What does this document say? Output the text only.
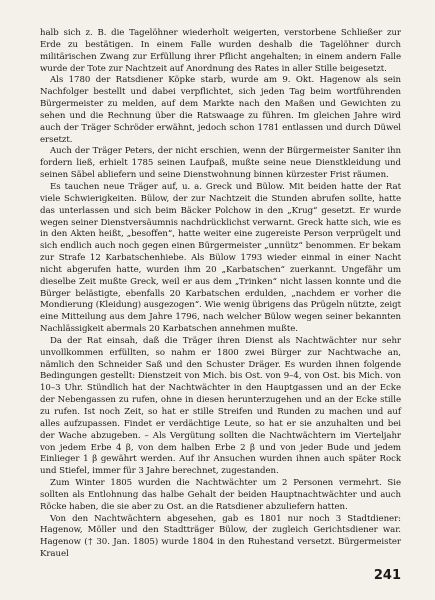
halb sich z. B. die Tagelöhner wiederholt weigerten, verstorbene Schließer zur Erde zu bestätigen. In einem Falle wurden deshalb die Tagelöhner durch militärischen Zwang zur Erfüllung ihrer Pflicht angehalten; in einem andern Falle wurde der Tote zur Nachtzeit auf Anordnung des Rates in aller Stille beigesetzt.

Als 1780 der Ratsdiener Köpke starb, wurde am 9. Okt. Hagenow als sein Nachfolger bestellt und dabei verpflichtet, sich jeden Tag beim wortführenden Bürgermeister zu melden, auf dem Markte nach den Maßen und Gewichten zu sehen und die Rechnung über die Ratswaage zu führen. Im gleichen Jahre wird auch der Träger Schröder erwähnt, jedoch schon 1781 entlassen und durch Düwel ersetzt.

Auch der Träger Peters, der nicht erschien, wenn der Bürgermeister Saniter ihn fordern ließ, erhielt 1785 seinen Laufpaß, mußte seine neue Dienstkleidung und seinen Säbel abliefern und seine Dienstwohnung binnen kürzester Frist räumen.

Es tauchen neue Träger auf, u. a. Greck und Bülow. Mit beiden hatte der Rat viele Schwierigkeiten. Bülow, der zur Nachtzeit die Stunden abrufen sollte, hatte das unterlassen und sich beim Bäcker Polchow in den „Krug“ gesetzt. Er wurde wegen seiner Dienstversäumnis nachdrücklichst verwarnt. Greck hatte sich, wie es in den Akten heißt, „besoffen“, hatte weiter eine zugereiste Person verprügelt und sich endlich auch noch gegen einen Bürgermeister „unnütz“ benommen. Er bekam zur Strafe 12 Karbatschenhiebe. Als Bülow 1793 wieder einmal in einer Nacht nicht abgerufen hatte, wurden ihm 20 „Karbatschen“ zuerkannt. Ungefähr um dieselbe Zeit mußte Greck, weil er aus dem „Trinken“ nicht lassen konnte und die Bürger belästigte, ebenfalls 20 Karbatschen erdulden, „nachdem er vorher die Mondierung (Kleidung) ausgezogen“. Wie wenig übrigens das Prügeln nützte, zeigt eine Mitteilung aus dem Jahre 1796, nach welcher Bülow wegen seiner bekannten Nachlässigkeit abermals 20 Karbatschen annehmen mußte.

Da der Rat einsah, daß die Träger ihren Dienst als Nachtwächter nur sehr unvollkommen erfüllten, so nahm er 1800 zwei Bürger zur Nachtwache an, nämlich den Schneider Saß und den Schuster Dräger. Es wurden ihnen folgende Bedingungen gestellt: Dienstzeit von Mich. bis Ost. von 9–4, von Ost. bis Mich. von 10–3 Uhr. Stündlich hat der Nachtwächter in den Hauptgassen und an der Ecke der Nebengassen zu rufen, ohne in diesen herunterzugehen und an der Ecke stille zu rufen. Ist noch Zeit, so hat er stille Streifen und Runden zu machen und auf alles aufzupassen. Findet er verdächtige Leute, so hat er sie anzuhalten und bei der Wache abzugeben. – Als Vergütung sollten die Nachtwächtern im Vierteljahr von jedem Erbe 4 β, von dem halben Erbe 2 β und von jeder Bude und jedem Einlieger 1 β gewährt werden. Auf ihr Ansuchen wurden ihnen auch später Rock und Stiefel, immer für 3 Jahre berechnet, zugestanden.

Zum Winter 1805 wurden die Nachtwächter um 2 Personen vermehrt. Sie sollten als Entlohnung das halbe Gehalt der beiden Hauptnachtwächter und auch Röcke haben, die sie aber zu Ost. an die Ratsdiener abzuliefern hatten.

Von den Nachtwächtern abgesehen, gab es 1801 nur noch 3 Stadtdiener: Hagenow, Möller und den Stadtträger Bülow, der zugleich Gerichtsdiener war. Hagenow († 30. Jan. 1805) wurde 1804 in den Ruhestand versetzt. Bürgermeister Krauel

241
